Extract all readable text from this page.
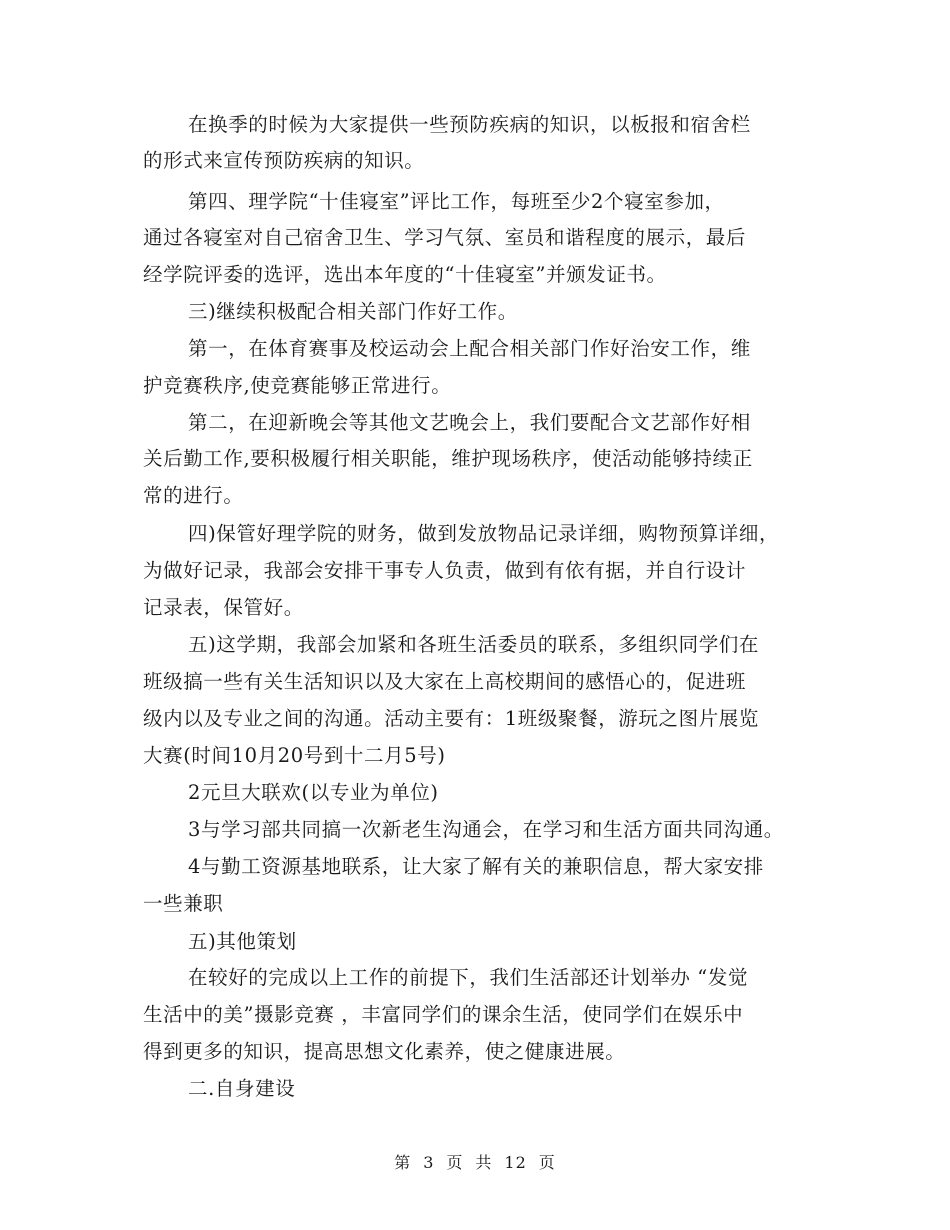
在换季的时候为大家提供一些预防疾病的知识，以板报和宿舍栏
的形式来宣传预防疾病的知识。
第四、理学院“十佳寝室”评比工作，每班至少2个寝室参加，
通过各寝室对自己宿舍卫生、学习气氛、室员和谐程度的展示，最后
经学院评委的选评，选出本年度的“十佳寝室”并颁发证书。
三)继续积极配合相关部门作好工作。
第一，在体育赛事及校运动会上配合相关部门作好治安工作，维
护竞赛秩序,使竞赛能够正常进行。
第二，在迎新晚会等其他文艺晚会上，我们要配合文艺部作好相
关后勤工作,要积极履行相关职能，维护现场秩序，使活动能够持续正
常的进行。
四)保管好理学院的财务，做到发放物品记录详细，购物预算详细，
为做好记录，我部会安排干事专人负责，做到有依有据，并自行设计
记录表，保管好。
五)这学期，我部会加紧和各班生活委员的联系，多组织同学们在
班级搞一些有关生活知识以及大家在上高校期间的感悟心的，促进班
级内以及专业之间的沟通。活动主要有：1班级聚餐，游玩之图片展览
大赛(时间10月20号到十二月5号)
2元旦大联欢(以专业为单位)
3与学习部共同搞一次新老生沟通会，在学习和生活方面共同沟通。
4与勤工资源基地联系，让大家了解有关的兼职信息，帮大家安排
一些兼职
五)其他策划
在较好的完成以上工作的前提下，我们生活部还计划举办 “发觉
生活中的美”摄影竞赛 ，丰富同学们的课余生活，使同学们在娱乐中
得到更多的知识，提高思想文化素养，使之健康进展。
二.自身建设
第 3 页 共 12 页
